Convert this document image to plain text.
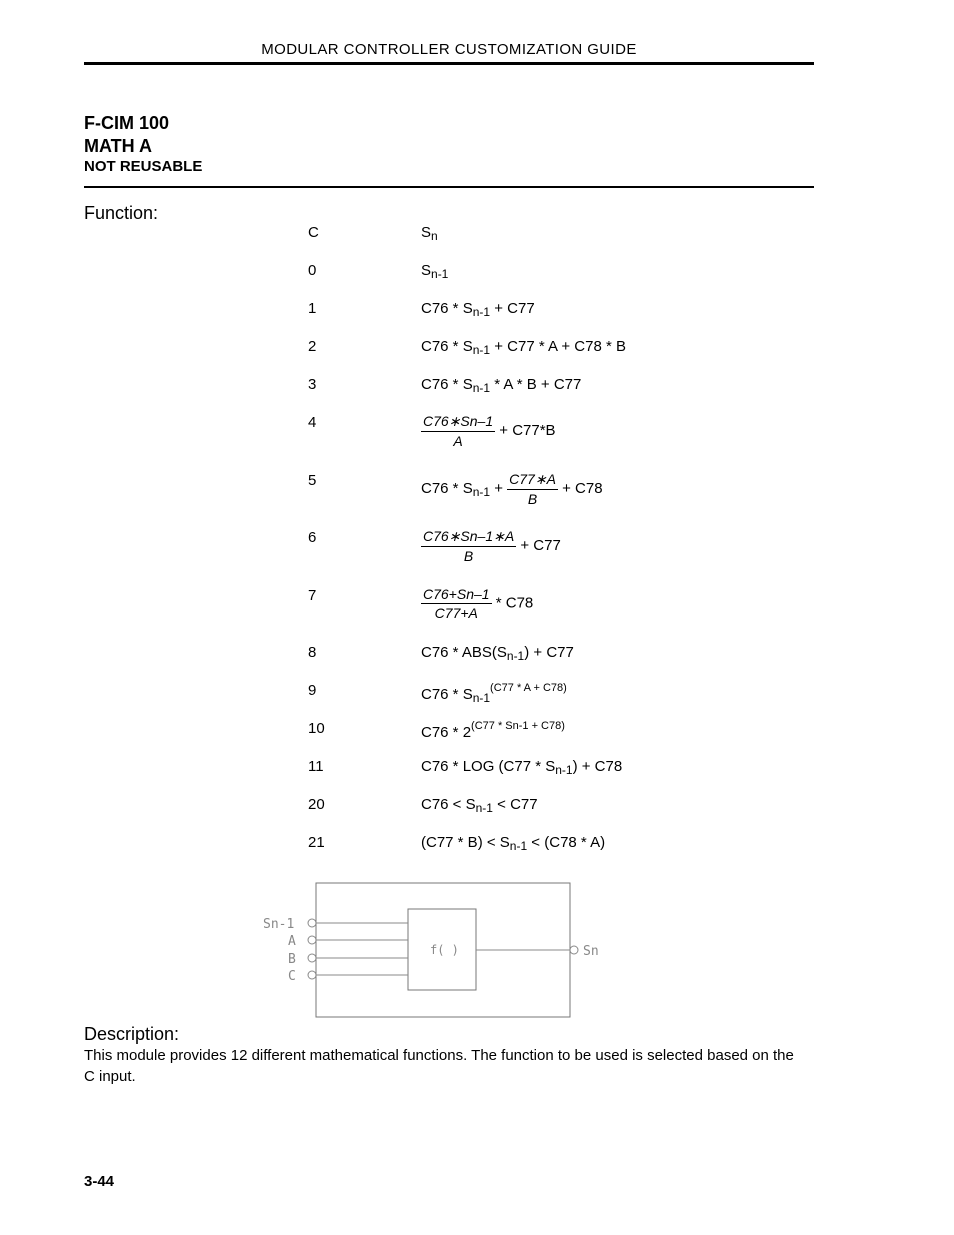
MODULAR CONTROLLER CUSTOMIZATION GUIDE
F-CIM 100
MATH A
NOT REUSABLE
Function:
C	$S_n$
0	$S_{n-1}$
1	$C76 * S_{n-1} + C77$
2	$C76 * S_{n-1} + C77 * A + C78 * B$
3	$C76 * S_{n-1} * A * B + C77$
4	$\frac{C76∗Sn-1}{A} + C77*B$
5	$C76 * S_{n-1} + \frac{C77∗A}{B} + C78$
6	$\frac{C76∗Sn-1∗A}{B} + C77$
7	$\frac{C76+Sn-1}{C77+A} * C78$
8	$C76 * ABS(S_{n-1}) + C77$
9	$C76 * S_{n-1}^{(C77 * A + C78)}$
10	$C76 * 2^{(C77 * Sn-1 + C78)}$
11	C76 * LOG $(C77 * S_{n-1}) + C78$
20	$C76 < S_{n-1} < C77$
21	$(C77 * B) < S_{n-1} < (C78 * A)$
f( )
Sn-1
A
B
C
Sn
Description:
This module provides 12 different mathematical functions. The function to be used is selected based on the C input.
3-44
